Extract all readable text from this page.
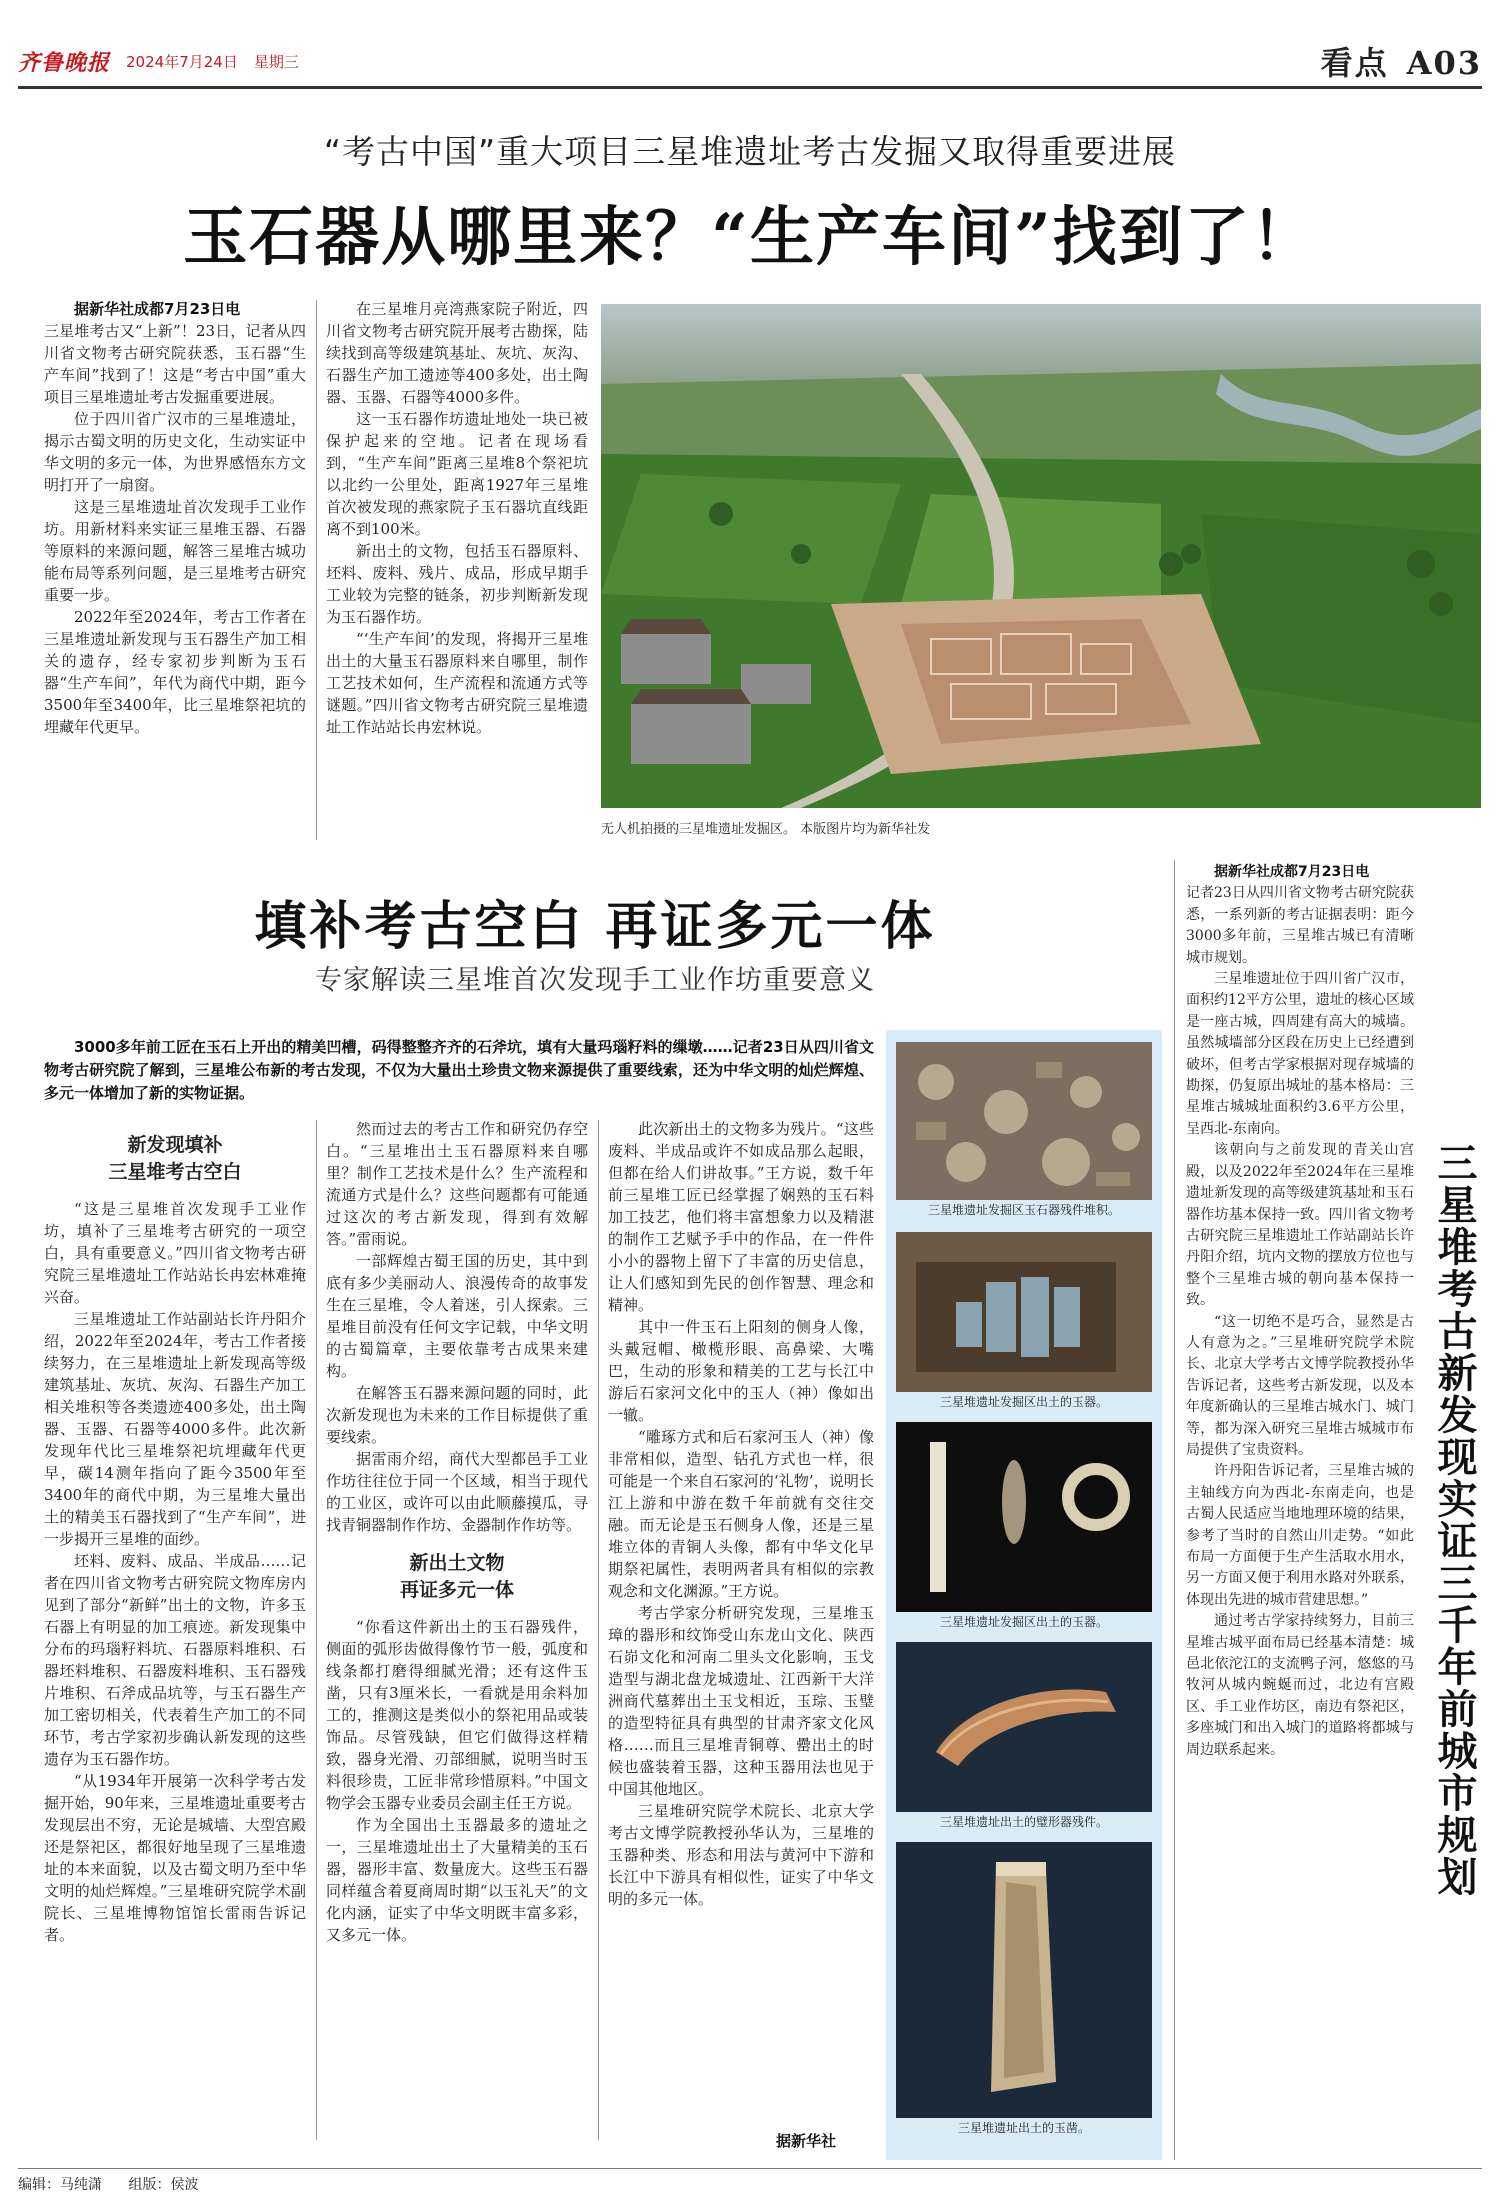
齐鲁晚报 2024年7月24日 星期三	看点 A03
“考古中国”重大项目三星堆遗址考古发掘又取得重要进展
玉石器从哪里来？“生产车间”找到了！

据新华社成都7月23日电
三星堆考古又“上新”！23日，记者从四川省文物考古研究院获悉，玉石器“生产车间”找到了！这是“考古中国”重大项目三星堆遗址考古发掘重要进展。

位于四川省广汉市的三星堆遗址，揭示古蜀文明的历史文化，生动实证中华文明的多元一体，为世界感悟东方文明打开了一扇窗。

这是三星堆遗址首次发现手工业作坊。用新材料来实证三星堆玉器、石器等原料的来源问题，解答三星堆古城功能布局等系列问题，是三星堆考古研究重要一步。

2022年至2024年，考古工作者在三星堆遗址新发现与玉石器生产加工相关的遗存，经专家初步判断为玉石器“生产车间”，年代为商代中期，距今3500年至3400年，比三星堆祭祀坑的埋藏年代更早。

在三星堆月亮湾燕家院子附近，四川省文物考古研究院开展考古勘探，陆续找到高等级建筑基址、灰坑、灰沟、石器生产加工遗迹等400多处，出土陶器、玉器、石器等4000多件。

这一玉石器作坊遗址地处一块已被保护起来的空地。记者在现场看到，“生产车间”距离三星堆8个祭祀坑以北约一公里处，距离1927年三星堆首次被发现的燕家院子玉石器坑直线距离不到100米。

新出土的文物，包括玉石器原料、坯料、废料、残片、成品，形成早期手工业较为完整的链条，初步判断新发现为玉石器作坊。

“‘生产车间’的发现，将揭开三星堆出土的大量玉石器原料来自哪里，制作工艺技术如何，生产流程和流通方式等谜题。”四川省文物考古研究院三星堆遗址工作站站长冉宏林说。

无人机拍摄的三星堆遗址发掘区。 本版图片均为新华社发
填补考古空白 再证多元一体
专家解读三星堆首次发现手工业作坊重要意义
3000多年前工匠在玉石上开出的精美凹槽，码得整整齐齐的石斧坑，填有大量玛瑙籽料的缫墩……记者23日从四川省文物考古研究院了解到，三星堆公布新的考古发现，不仅为大量出土珍贵文物来源提供了重要线索，还为中华文明的灿烂辉煌、多元一体增加了新的实物证据。
新发现填补
三星堆考古空白

“这是三星堆首次发现手工业作坊，填补了三星堆考古研究的一项空白，具有重要意义。”四川省文物考古研究院三星堆遗址工作站站长冉宏林难掩兴奋。

三星堆遗址工作站副站长许丹阳介绍，2022年至2024年，考古工作者接续努力，在三星堆遗址上新发现高等级建筑基址、灰坑、灰沟、石器生产加工相关堆积等各类遗迹400多处，出土陶器、玉器、石器等4000多件。此次新发现年代比三星堆祭祀坑埋藏年代更早，碳14测年指向了距今3500年至3400年的商代中期，为三星堆大量出土的精美玉石器找到了“生产车间”，进一步揭开三星堆的面纱。

坯料、废料、成品、半成品……记者在四川省文物考古研究院文物库房内见到了部分“新鲜”出土的文物，许多玉石器上有明显的加工痕迹。新发现集中分布的玛瑙籽料坑、石器原料堆积、石器坯料堆积、石器废料堆积、玉石器残片堆积、石斧成品坑等，与玉石器生产加工密切相关，代表着生产加工的不同环节，考古学家初步确认新发现的这些遗存为玉石器作坊。

“从1934年开展第一次科学考古发掘开始，90年来，三星堆遗址重要考古发现层出不穷，无论是城墙、大型宫殿还是祭祀区，都很好地呈现了三星堆遗址的本来面貌，以及古蜀文明乃至中华文明的灿烂辉煌。”三星堆研究院学术副院长、三星堆博物馆馆长雷雨告诉记者。

然而过去的考古工作和研究仍存空白。“三星堆出土玉石器原料来自哪里？制作工艺技术是什么？生产流程和流通方式是什么？这些问题都有可能通过这次的考古新发现，得到有效解答。”雷雨说。

一部辉煌古蜀王国的历史，其中到底有多少美丽动人、浪漫传奇的故事发生在三星堆，令人着迷，引人探索。三星堆目前没有任何文字记载，中华文明的古蜀篇章，主要依靠考古成果来建构。

在解答玉石器来源问题的同时，此次新发现也为未来的工作目标提供了重要线索。

据雷雨介绍，商代大型都邑手工业作坊往往位于同一个区域，相当于现代的工业区，或许可以由此顺藤摸瓜，寻找青铜器制作作坊、金器制作作坊等。

新出土文物
再证多元一体

“你看这件新出土的玉石器残件，侧面的弧形齿做得像竹节一般，弧度和线条都打磨得细腻光滑；还有这件玉凿，只有3厘米长，一看就是用余料加工的，推测这是类似小的祭祀用品或装饰品。尽管残缺，但它们做得这样精致，器身光滑、刃部细腻，说明当时玉料很珍贵，工匠非常珍惜原料。”中国文物学会玉器专业委员会副主任王方说。

作为全国出土玉器最多的遗址之一，三星堆遗址出土了大量精美的玉石器，器形丰富、数量庞大。这些玉石器同样蕴含着夏商周时期“以玉礼天”的文化内涵，证实了中华文明既丰富多彩，又多元一体。

此次新出土的文物多为残片。“这些废料、半成品或许不如成品那么起眼，但都在给人们讲故事。”王方说，数千年前三星堆工匠已经掌握了娴熟的玉石料加工技艺，他们将丰富想象力以及精湛的制作工艺赋予手中的作品，在一件件小小的器物上留下了丰富的历史信息，让人们感知到先民的创作智慧、理念和精神。

其中一件玉石上阳刻的侧身人像，头戴冠帽、橄榄形眼、高鼻梁、大嘴巴，生动的形象和精美的工艺与长江中游后石家河文化中的玉人（神）像如出一辙。

“雕琢方式和后石家河玉人（神）像非常相似，造型、钻孔方式也一样，很可能是一个来自石家河的‘礼物’，说明长江上游和中游在数千年前就有交往交融。而无论是玉石侧身人像，还是三星堆立体的青铜人头像，都有中华文化早期祭祀属性，表明两者具有相似的宗教观念和文化渊源。”王方说。

考古学家分析研究发现，三星堆玉璋的器形和纹饰受山东龙山文化、陕西石峁文化和河南二里头文化影响，玉戈造型与湖北盘龙城遗址、江西新干大洋洲商代墓葬出土玉戈相近，玉琮、玉璧的造型特征具有典型的甘肃齐家文化风格……而且三星堆青铜尊、罍出土的时候也盛装着玉器，这种玉器用法也见于中国其他地区。

三星堆研究院学术院长、北京大学考古文博学院教授孙华认为，三星堆的玉器种类、形态和用法与黄河中下游和长江中下游具有相似性，证实了中华文明的多元一体。

据新华社
三星堆遗址发掘区玉石器残件堆积。
三星堆遗址发掘区出土的玉器。
三星堆遗址发掘区出土的玉器。
三星堆遗址出土的璧形器残件。
三星堆遗址出土的玉凿。

据新华社成都7月23日电
记者23日从四川省文物考古研究院获悉，一系列新的考古证据表明：距今3000多年前，三星堆古城已有清晰城市规划。

三星堆遗址位于四川省广汉市，面积约12平方公里，遗址的核心区域是一座古城，四周建有高大的城墙。虽然城墙部分区段在历史上已经遭到破坏，但考古学家根据对现存城墙的勘探，仍复原出城址的基本格局：三星堆古城城址面积约3.6平方公里，呈西北-东南向。

该朝向与之前发现的青关山宫殿，以及2022年至2024年在三星堆遗址新发现的高等级建筑基址和玉石器作坊基本保持一致。四川省文物考古研究院三星堆遗址工作站副站长许丹阳介绍，坑内文物的摆放方位也与整个三星堆古城的朝向基本保持一致。

“这一切绝不是巧合，显然是古人有意为之。”三星堆研究院学术院长、北京大学考古文博学院教授孙华告诉记者，这些考古新发现，以及本年度新确认的三星堆古城水门、城门等，都为深入研究三星堆古城城市布局提供了宝贵资料。

许丹阳告诉记者，三星堆古城的主轴线方向为西北-东南走向，也是古蜀人民适应当地地理环境的结果，参考了当时的自然山川走势。“如此布局一方面便于生产生活取水用水，另一方面又便于利用水路对外联系，体现出先进的城市营建思想。”

通过考古学家持续努力，目前三星堆古城平面布局已经基本清楚：城邑北依沱江的支流鸭子河，悠悠的马牧河从城内蜿蜒而过，北边有宫殿区、手工业作坊区，南边有祭祀区，多座城门和出入城门的道路将都城与周边联系起来。	三星堆考古新发现实证三千年前城市规划
编辑：马纯潇 组版：侯波
